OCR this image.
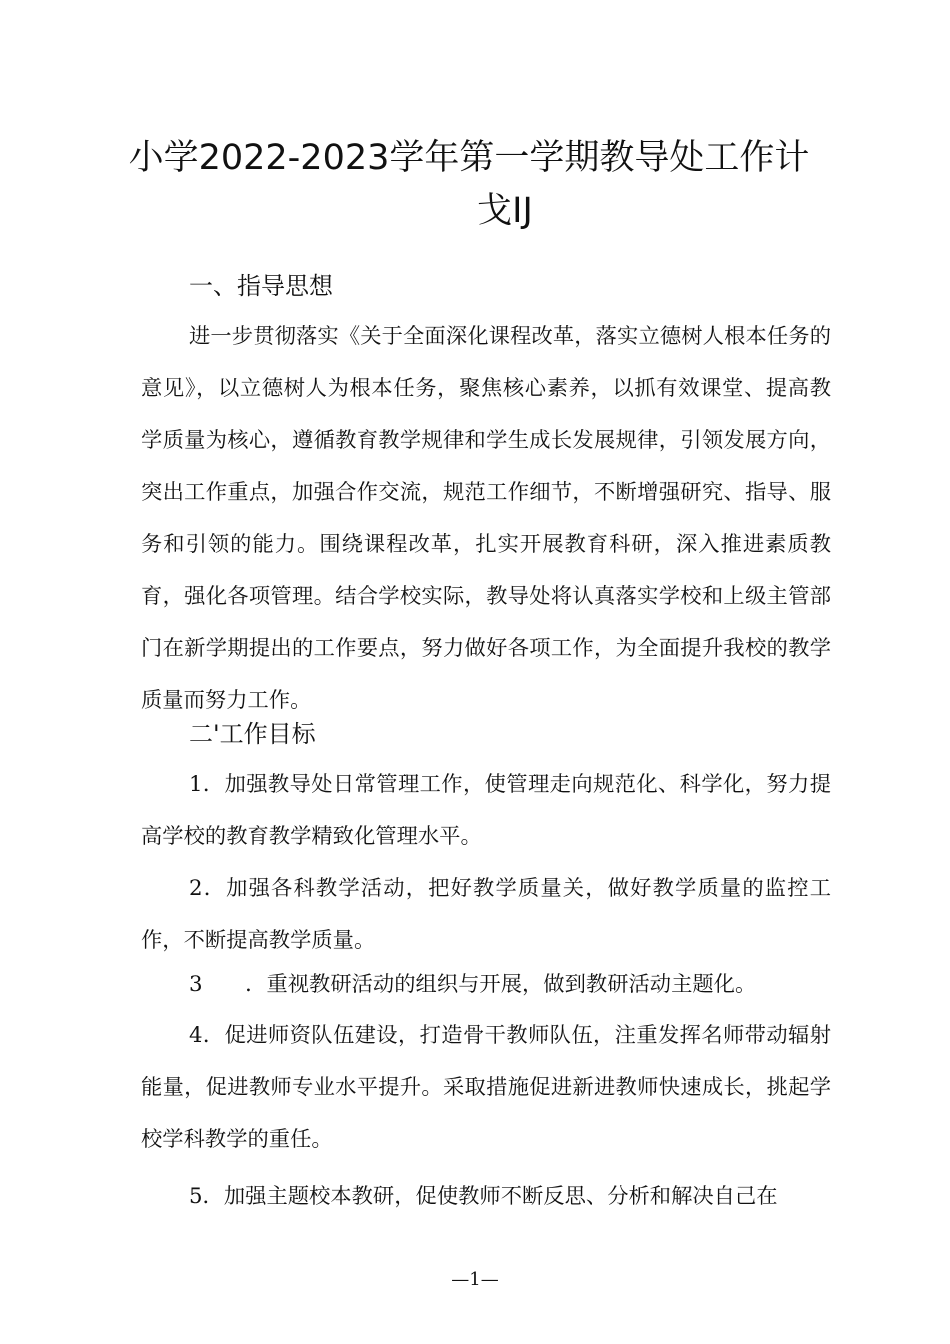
小学2022-2023学年第一学期教导处工作计
戈IJ
一、指导思想
进一步贯彻落实《关于全面深化课程改革，落实立德树人根本任务的意见》，以立德树人为根本任务，聚焦核心素养，以抓有效课堂、提高教学质量为核心，遵循教育教学规律和学生成长发展规律，引领发展方向，突出工作重点，加强合作交流，规范工作细节，不断增强研究、指导、服务和引领的能力。围绕课程改革，扎实开展教育科研，深入推进素质教育，强化各项管理。结合学校实际，教导处将认真落实学校和上级主管部门在新学期提出的工作要点，努力做好各项工作，为全面提升我校的教学质量而努力工作。
二'工作目标
1．加强教导处日常管理工作，使管理走向规范化、科学化，努力提高学校的教育教学精致化管理水平。
2．加强各科教学活动，把好教学质量关，做好教学质量的监控工作，不断提高教学质量。
3　　．重视教研活动的组织与开展，做到教研活动主题化。
4．促进师资队伍建设，打造骨干教师队伍，注重发挥名师带动辐射能量，促进教师专业水平提升。采取措施促进新进教师快速成长，挑起学校学科教学的重任。
5．加强主题校本教研，促使教师不断反思、分析和解决自己在
—1—
